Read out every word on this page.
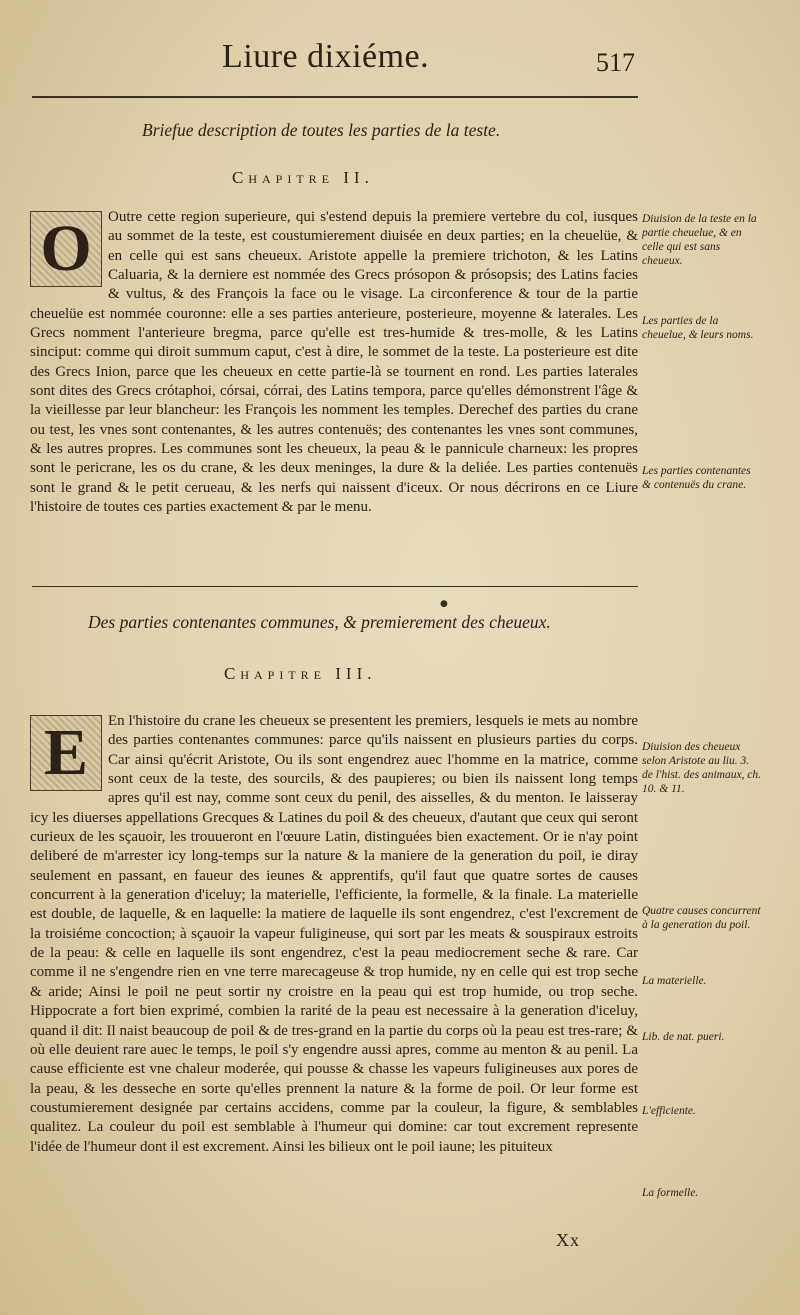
Liure dixiéme.	517
Briefue description de toutes les parties de la teste.
Chapitre II.
O	Outre cette region superieure, qui s'estend depuis la premiere vertebre du col, iusques au sommet de la teste, est coustumierement diuisée en deux parties; en la cheuelüe, & en celle qui est sans cheueux. Aristote appelle la premiere trichoton, & les Latins Caluaria, & la derniere est nommée des Grecs prósopon & prósopsis; des Latins facies & vultus, & des François la face ou le visage. La circonference & tour de la partie cheuelüe est nommée couronne: elle a ses parties anterieure, posterieure, moyenne & laterales. Les Grecs nomment l'anterieure bregma, parce qu'elle est tres-humide & tres-molle, & les Latins sinciput: comme qui diroit summum caput, c'est à dire, le sommet de la teste. La posterieure est dite des Grecs Inion, parce que les cheueux en cette partie-là se tournent en rond. Les parties laterales sont dites des Grecs crótaphoi, córsai, córrai, des Latins tempora, parce qu'elles démonstrent l'âge & la vieillesse par leur blancheur: les François les nomment les temples. Derechef des parties du crane ou test, les vnes sont contenantes, & les autres contenuës; des contenantes les vnes sont communes, & les autres propres. Les communes sont les cheueux, la peau & le pannicule charneux: les propres sont le pericrane, les os du crane, & les deux meninges, la dure & la deliée. Les parties contenuës sont le grand & le petit cerueau, & les nerfs qui naissent d'iceux. Or nous décrirons en ce Liure l'histoire de toutes ces parties exactement & par le menu.

Diuision de la teste en la partie cheuelue, & en celle qui est sans cheueux.
Les parties de la cheuelue, & leurs noms.
Les parties contenantes & contenuës du crane.
●
Des parties contenantes communes, & premierement des cheueux.
Chapitre III.
E	En l'histoire du crane les cheueux se presentent les premiers, lesquels ie mets au nombre des parties contenantes communes: parce qu'ils naissent en plusieurs parties du corps. Car ainsi qu'écrit Aristote, Ou ils sont engendrez auec l'homme en la matrice, comme sont ceux de la teste, des sourcils, & des paupieres; ou bien ils naissent long temps apres qu'il est nay, comme sont ceux du penil, des aisselles, & du menton. Ie laisseray icy les diuerses appellations Grecques & Latines du poil & des cheueux, d'autant que ceux qui seront curieux de les sçauoir, les trouueront en l'œuure Latin, distinguées bien exactement. Or ie n'ay point deliberé de m'arrester icy long-temps sur la nature & la maniere de la generation du poil, ie diray seulement en passant, en faueur des ieunes & apprentifs, qu'il faut que quatre sortes de causes concurrent à la generation d'iceluy; la materielle, l'efficiente, la formelle, & la finale. La materielle est double, de laquelle, & en laquelle: la matiere de laquelle ils sont engendrez, c'est l'excrement de la troisiéme concoction; à sçauoir la vapeur fuligineuse, qui sort par les meats & souspiraux estroits de la peau: & celle en laquelle ils sont engendrez, c'est la peau mediocrement seche & rare. Car comme il ne s'engendre rien en vne terre marecageuse & trop humide, ny en celle qui est trop seche & aride; Ainsi le poil ne peut sortir ny croistre en la peau qui est trop humide, ou trop seche. Hippocrate a fort bien exprimé, combien la rarité de la peau est necessaire à la generation d'iceluy, quand il dit: Il naist beaucoup de poil & de tres-grand en la partie du corps où la peau est tres-rare; & où elle deuient rare auec le temps, le poil s'y engendre aussi apres, comme au menton & au penil. La cause efficiente est vne chaleur moderée, qui pousse & chasse les vapeurs fuligineuses aux pores de la peau, & les desseche en sorte qu'elles prennent la nature & la forme de poil. Or leur forme est coustumierement designée par certains accidens, comme par la couleur, la figure, & semblables qualitez. La couleur du poil est semblable à l'humeur qui domine: car tout excrement represente l'idée de l'humeur dont il est excrement. Ainsi les bilieux ont le poil iaune; les pituiteux

Diuision des cheueux selon Aristote au liu. 3. de l'hist. des animaux, ch. 10. & 11.
Quatre causes concurrent à la generation du poil.
La materielle.
Lib. de nat. pueri.
L'efficiente.
La formelle.
Xx
